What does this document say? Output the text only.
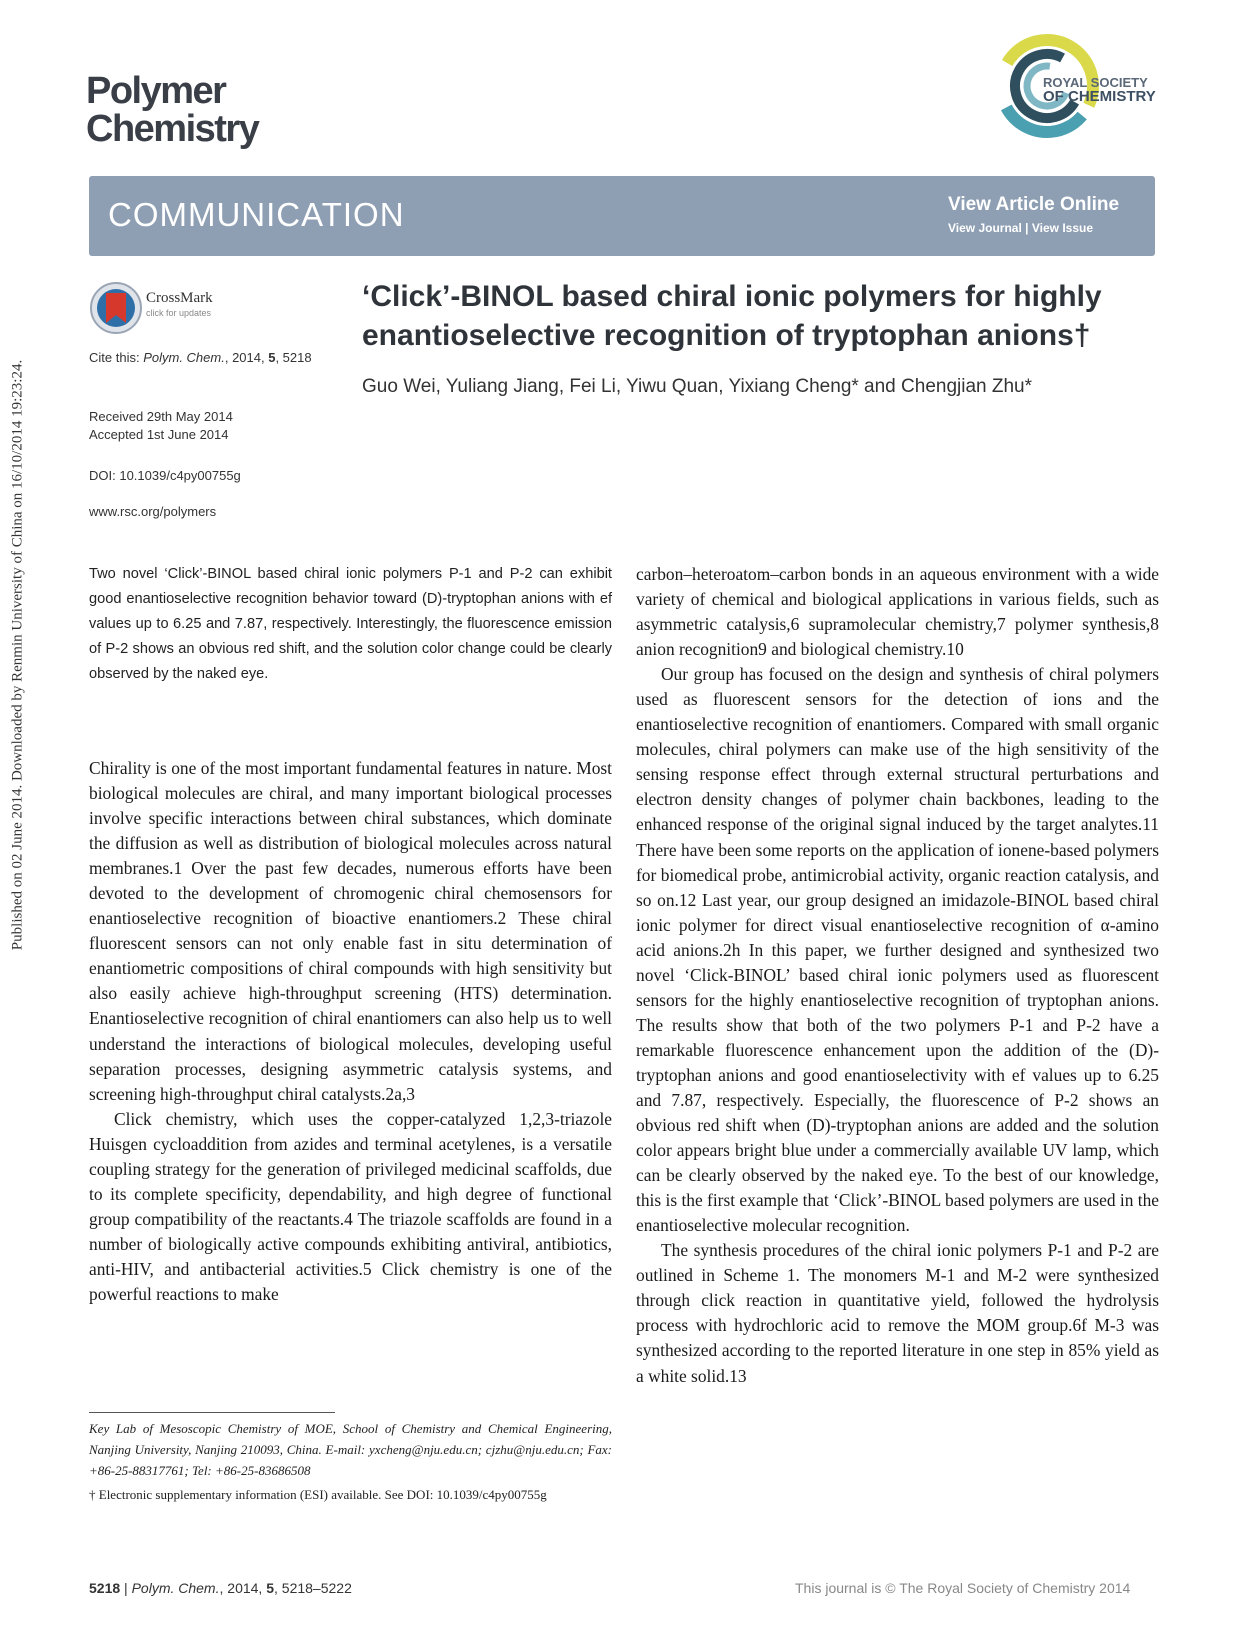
Published on 02 June 2014. Downloaded by Renmin University of China on 16/10/2014 19:23:24.
Polymer
Chemistry
ROYAL SOCIETY
OF CHEMISTRY
COMMUNICATION	View Article Online
View Journal | View Issue
CrossMark
click for updates
Cite this: Polym. Chem., 2014, 5, 5218
Received 29th May 2014
Accepted 1st June 2014
DOI: 10.1039/c4py00755g
www.rsc.org/polymers
‘Click’-BINOL based chiral ionic polymers for highly enantioselective recognition of tryptophan anions†
Guo Wei, Yuliang Jiang, Fei Li, Yiwu Quan, Yixiang Cheng* and Chengjian Zhu*
Two novel ‘Click’-BINOL based chiral ionic polymers P-1 and P-2 can exhibit good enantioselective recognition behavior toward (D)-tryptophan anions with ef values up to 6.25 and 7.87, respectively. Interestingly, the fluorescence emission of P-2 shows an obvious red shift, and the solution color change could be clearly observed by the naked eye.

Chirality is one of the most important fundamental features in nature. Most biological molecules are chiral, and many important biological processes involve specific interactions between chiral substances, which dominate the diffusion as well as distribution of biological molecules across natural membranes.1 Over the past few decades, numerous efforts have been devoted to the development of chromogenic chiral chemosensors for enantioselective recognition of bioactive enantiomers.2 These chiral fluorescent sensors can not only enable fast in situ determination of enantiometric compositions of chiral compounds with high sensitivity but also easily achieve high-throughput screening (HTS) determination. Enantioselective recognition of chiral enantiomers can also help us to well understand the interactions of biological molecules, developing useful separation processes, designing asymmetric catalysis systems, and screening high-throughput chiral catalysts.2a,3

Click chemistry, which uses the copper-catalyzed 1,2,3-triazole Huisgen cycloaddition from azides and terminal acetylenes, is a versatile coupling strategy for the generation of privileged medicinal scaffolds, due to its complete specificity, dependability, and high degree of functional group compatibility of the reactants.4 The triazole scaffolds are found in a number of biologically active compounds exhibiting antiviral, antibiotics, anti-HIV, and antibacterial activities.5 Click chemistry is one of the powerful reactions to make

carbon–heteroatom–carbon bonds in an aqueous environment with a wide variety of chemical and biological applications in various fields, such as asymmetric catalysis,6 supramolecular chemistry,7 polymer synthesis,8 anion recognition9 and biological chemistry.10

Our group has focused on the design and synthesis of chiral polymers used as fluorescent sensors for the detection of ions and the enantioselective recognition of enantiomers. Compared with small organic molecules, chiral polymers can make use of the high sensitivity of the sensing response effect through external structural perturbations and electron density changes of polymer chain backbones, leading to the enhanced response of the original signal induced by the target analytes.11 There have been some reports on the application of ionene-based polymers for biomedical probe, antimicrobial activity, organic reaction catalysis, and so on.12 Last year, our group designed an imidazole-BINOL based chiral ionic polymer for direct visual enantioselective recognition of α-amino acid anions.2h In this paper, we further designed and synthesized two novel ‘Click-BINOL’ based chiral ionic polymers used as fluorescent sensors for the highly enantioselective recognition of tryptophan anions. The results show that both of the two polymers P-1 and P-2 have a remarkable fluorescence enhancement upon the addition of the (D)-tryptophan anions and good enantioselectivity with ef values up to 6.25 and 7.87, respectively. Especially, the fluorescence of P-2 shows an obvious red shift when (D)-tryptophan anions are added and the solution color appears bright blue under a commercially available UV lamp, which can be clearly observed by the naked eye. To the best of our knowledge, this is the first example that ‘Click’-BINOL based polymers are used in the enantioselective molecular recognition.

The synthesis procedures of the chiral ionic polymers P-1 and P-2 are outlined in Scheme 1. The monomers M-1 and M-2 were synthesized through click reaction in quantitative yield, followed the hydrolysis process with hydrochloric acid to remove the MOM group.6f M-3 was synthesized according to the reported literature in one step in 85% yield as a white solid.13

Key Lab of Mesoscopic Chemistry of MOE, School of Chemistry and Chemical Engineering, Nanjing University, Nanjing 210093, China. E-mail: yxcheng@nju.edu.cn; cjzhu@nju.edu.cn; Fax: +86-25-88317761; Tel: +86-25-83686508
† Electronic supplementary information (ESI) available. See DOI: 10.1039/c4py00755g
5218 | Polym. Chem., 2014, 5, 5218–5222	This journal is © The Royal Society of Chemistry 2014
